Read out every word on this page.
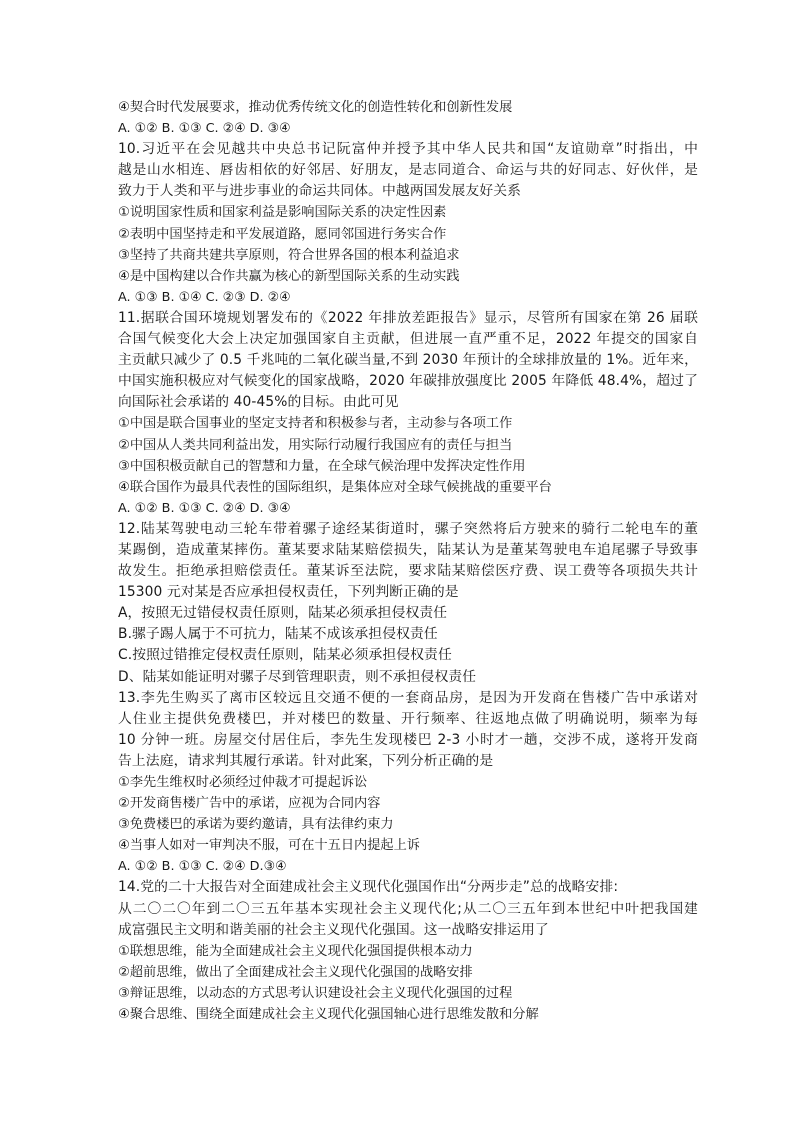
④契合时代发展要求，推动优秀传统文化的创造性转化和创新性发展
A. ①② B. ①③ C. ②④ D. ③④
10.习近平在会见越共中央总书记阮富仲并授予其中华人民共和国“友谊勋章”时指出，中
越是山水相连、唇齿相依的好邻居、好朋友，是志同道合、命运与共的好同志、好伙伴，是
致力于人类和平与进步事业的命运共同体。中越两国发展友好关系
①说明国家性质和国家利益是影响国际关系的决定性因素
②表明中国坚持走和平发展道路，愿同邻国进行务实合作
③坚持了共商共建共享原则，符合世界各国的根本利益追求
④是中国构建以合作共赢为核心的新型国际关系的生动实践
A. ①③ B. ①④ C. ②③ D. ②④
11.据联合国环境规划署发布的《2022 年排放差距报告》显示，尽管所有国家在第 26 届联
合国气候变化大会上决定加强国家自主贡献，但进展一直严重不足，2022 年提交的国家自
主贡献只减少了 0.5 千兆吨的二氧化碳当量,不到 2030 年预计的全球排放量的 1%。近年来，
中国实施积极应对气候变化的国家战略，2020 年碳排放强度比 2005 年降低 48.4%，超过了
向国际社会承诺的 40-45%的目标。由此可见
①中国是联合国事业的坚定支持者和积极参与者，主动参与各项工作
②中国从人类共同利益出发，用实际行动履行我国应有的责任与担当
③中国积极贡献自己的智慧和力量，在全球气候治理中发挥决定性作用
④联合国作为最具代表性的国际组织，是集体应对全球气候挑战的重要平台
A. ①② B. ①③ C. ②④ D. ③④
12.陆某驾驶电动三轮车带着骡子途经某街道时，骡子突然将后方驶来的骑行二轮电车的董
某踢倒，造成董某摔伤。董某要求陆某赔偿损失，陆某认为是董某驾驶电车追尾骡子导致事
故发生。拒绝承担赔偿责任。董某诉至法院，要求陆某赔偿医疗费、误工费等各项损失共计
15300 元对某是否应承担侵权责任，下列判断正确的是
A，按照无过错侵权责任原则，陆某必须承担侵权责任
B.骡子踢人属于不可抗力，陆某不成该承担侵权责任
C.按照过错推定侵权责任原则，陆某必须承担侵权责任
D、陆某如能证明对骡子尽到管理职责，则不承担侵权责任
13.李先生购买了离市区较远且交通不便的一套商品房，是因为开发商在售楼广告中承诺对
人住业主提供免费楼巴，并对楼巴的数量、开行频率、往返地点做了明确说明，频率为每
10 分钟一班。房屋交付居住后，李先生发现楼巴 2-3 小时才一趟，交涉不成，遂将开发商
告上法庭，请求判其履行承诺。针对此案，下列分析正确的是
①李先生维权时必须经过仲裁才可提起诉讼
②开发商售楼广告中的承诺，应视为合同内容
③免费楼巴的承诺为要约邀请，具有法律约束力
④当事人如对一审判决不服，可在十五日内提起上诉
A. ①② B. ①③ C. ②④ D.③④
14.党的二十大报告对全面建成社会主义现代化强国作出“分两步走”总的战略安排:
从二〇二〇年到二〇三五年基本实现社会主义现代化;从二〇三五年到本世纪中叶把我国建
成富强民主文明和谐美丽的社会主义现代化强国。这一战略安排运用了
①联想思维，能为全面建成社会主义现代化强国提供根本动力
②超前思维，做出了全面建成社会主义现代化强国的战略安排
③辩证思维，以动态的方式思考认识建设社会主义现代化强国的过程
④聚合思维、围绕全面建成社会主义现代化强国轴心进行思维发散和分解
